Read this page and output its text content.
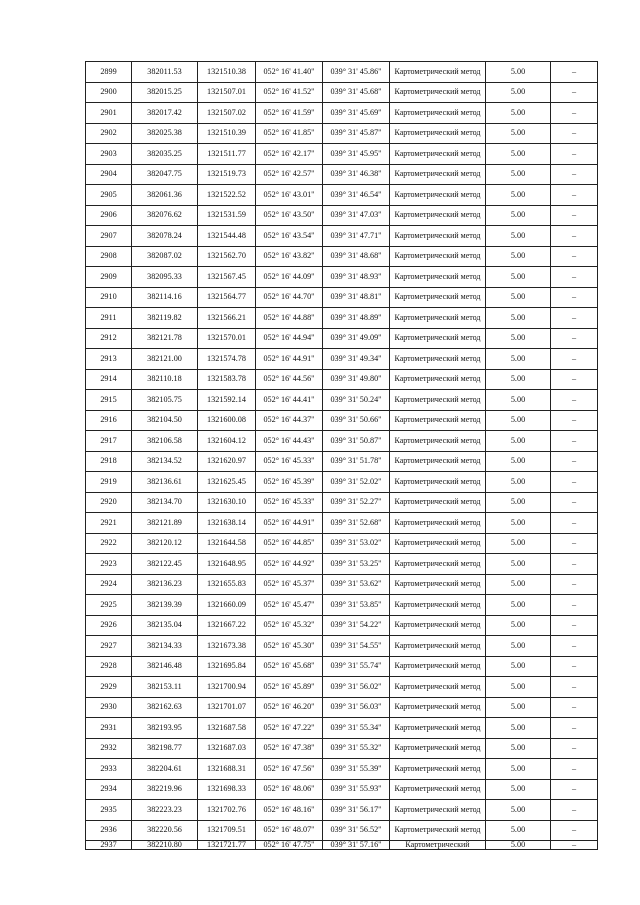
2899	382011.53	1321510.38	052° 16' 41.40"	039° 31' 45.86"	Картометрический метод	5.00	–
2900	382015.25	1321507.01	052° 16' 41.52"	039° 31' 45.68"	Картометрический метод	5.00	–
2901	382017.42	1321507.02	052° 16' 41.59"	039° 31' 45.69"	Картометрический метод	5.00	–
2902	382025.38	1321510.39	052° 16' 41.85"	039° 31' 45.87"	Картометрический метод	5.00	–
2903	382035.25	1321511.77	052° 16' 42.17"	039° 31' 45.95"	Картометрический метод	5.00	–
2904	382047.75	1321519.73	052° 16' 42.57"	039° 31' 46.38"	Картометрический метод	5.00	–
2905	382061.36	1321522.52	052° 16' 43.01"	039° 31' 46.54"	Картометрический метод	5.00	–
2906	382076.62	1321531.59	052° 16' 43.50"	039° 31' 47.03"	Картометрический метод	5.00	–
2907	382078.24	1321544.48	052° 16' 43.54"	039° 31' 47.71"	Картометрический метод	5.00	–
2908	382087.02	1321562.70	052° 16' 43.82"	039° 31' 48.68"	Картометрический метод	5.00	–
2909	382095.33	1321567.45	052° 16' 44.09"	039° 31' 48.93"	Картометрический метод	5.00	–
2910	382114.16	1321564.77	052° 16' 44.70"	039° 31' 48.81"	Картометрический метод	5.00	–
2911	382119.82	1321566.21	052° 16' 44.88"	039° 31' 48.89"	Картометрический метод	5.00	–
2912	382121.78	1321570.01	052° 16' 44.94"	039° 31' 49.09"	Картометрический метод	5.00	–
2913	382121.00	1321574.78	052° 16' 44.91"	039° 31' 49.34"	Картометрический метод	5.00	–
2914	382110.18	1321583.78	052° 16' 44.56"	039° 31' 49.80"	Картометрический метод	5.00	–
2915	382105.75	1321592.14	052° 16' 44.41"	039° 31' 50.24"	Картометрический метод	5.00	–
2916	382104.50	1321600.08	052° 16' 44.37"	039° 31' 50.66"	Картометрический метод	5.00	–
2917	382106.58	1321604.12	052° 16' 44.43"	039° 31' 50.87"	Картометрический метод	5.00	–
2918	382134.52	1321620.97	052° 16' 45.33"	039° 31' 51.78"	Картометрический метод	5.00	–
2919	382136.61	1321625.45	052° 16' 45.39"	039° 31' 52.02"	Картометрический метод	5.00	–
2920	382134.70	1321630.10	052° 16' 45.33"	039° 31' 52.27"	Картометрический метод	5.00	–
2921	382121.89	1321638.14	052° 16' 44.91"	039° 31' 52.68"	Картометрический метод	5.00	–
2922	382120.12	1321644.58	052° 16' 44.85"	039° 31' 53.02"	Картометрический метод	5.00	–
2923	382122.45	1321648.95	052° 16' 44.92"	039° 31' 53.25"	Картометрический метод	5.00	–
2924	382136.23	1321655.83	052° 16' 45.37"	039° 31' 53.62"	Картометрический метод	5.00	–
2925	382139.39	1321660.09	052° 16' 45.47"	039° 31' 53.85"	Картометрический метод	5.00	–
2926	382135.04	1321667.22	052° 16' 45.32"	039° 31' 54.22"	Картометрический метод	5.00	–
2927	382134.33	1321673.38	052° 16' 45.30"	039° 31' 54.55"	Картометрический метод	5.00	–
2928	382146.48	1321695.84	052° 16' 45.68"	039° 31' 55.74"	Картометрический метод	5.00	–
2929	382153.11	1321700.94	052° 16' 45.89"	039° 31' 56.02"	Картометрический метод	5.00	–
2930	382162.63	1321701.07	052° 16' 46.20"	039° 31' 56.03"	Картометрический метод	5.00	–
2931	382193.95	1321687.58	052° 16' 47.22"	039° 31' 55.34"	Картометрический метод	5.00	–
2932	382198.77	1321687.03	052° 16' 47.38"	039° 31' 55.32"	Картометрический метод	5.00	–
2933	382204.61	1321688.31	052° 16' 47.56"	039° 31' 55.39"	Картометрический метод	5.00	–
2934	382219.96	1321698.33	052° 16' 48.06"	039° 31' 55.93"	Картометрический метод	5.00	–
2935	382223.23	1321702.76	052° 16' 48.16"	039° 31' 56.17"	Картометрический метод	5.00	–
2936	382220.56	1321709.51	052° 16' 48.07"	039° 31' 56.52"	Картометрический метод	5.00	–
2937	382210.80	1321721.77	052° 16' 47.75"	039° 31' 57.16"	Картометрический	5.00	–
